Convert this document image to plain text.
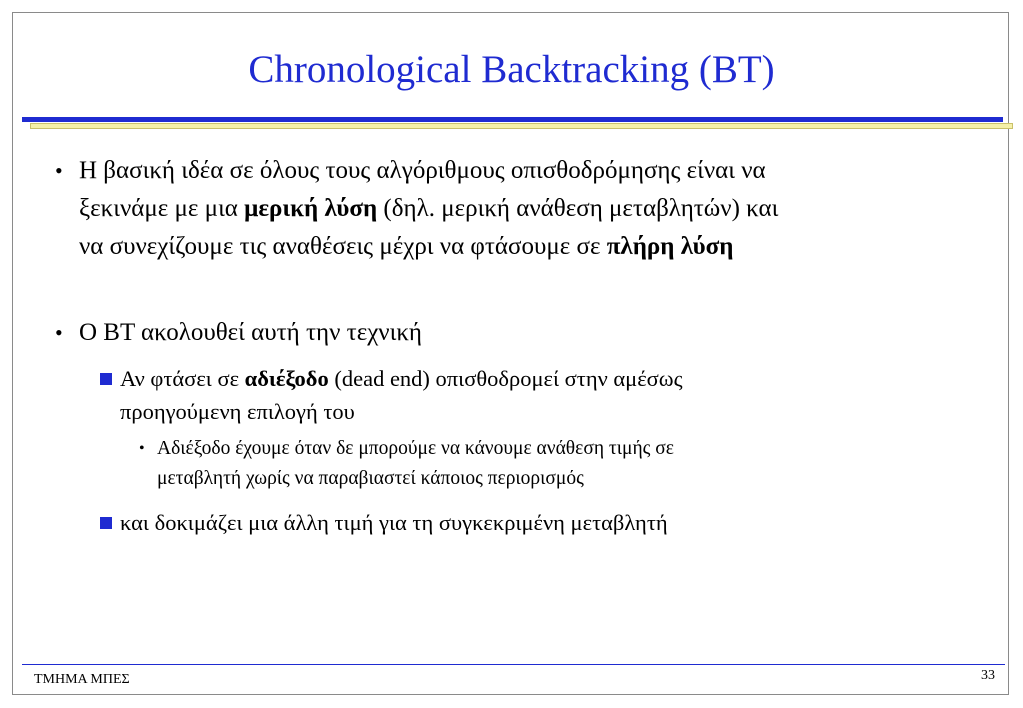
Chronological Backtracking (BT)
• Η βασική ιδέα σε όλους τους αλγόριθμους οπισθοδρόμησης είναι να
ξεκινάμε με μια μερική λύση (δηλ. μερική ανάθεση μεταβλητών) και
να συνεχίζουμε τις αναθέσεις μέχρι να φτάσουμε σε πλήρη λύση
• Ο BT ακολουθεί αυτή την τεχνική
Αν φτάσει σε αδιέξοδο (dead end) οπισθοδρομεί στην αμέσως
προηγούμενη επιλογή του
• Αδιέξοδο έχουμε όταν δε μπορούμε να κάνουμε ανάθεση τιμής σε
μεταβλητή χωρίς να παραβιαστεί κάποιος περιορισμός
και δοκιμάζει μια άλλη τιμή για τη συγκεκριμένη μεταβλητή
ΤΜΗΜΑ ΜΠΕΣ	33
